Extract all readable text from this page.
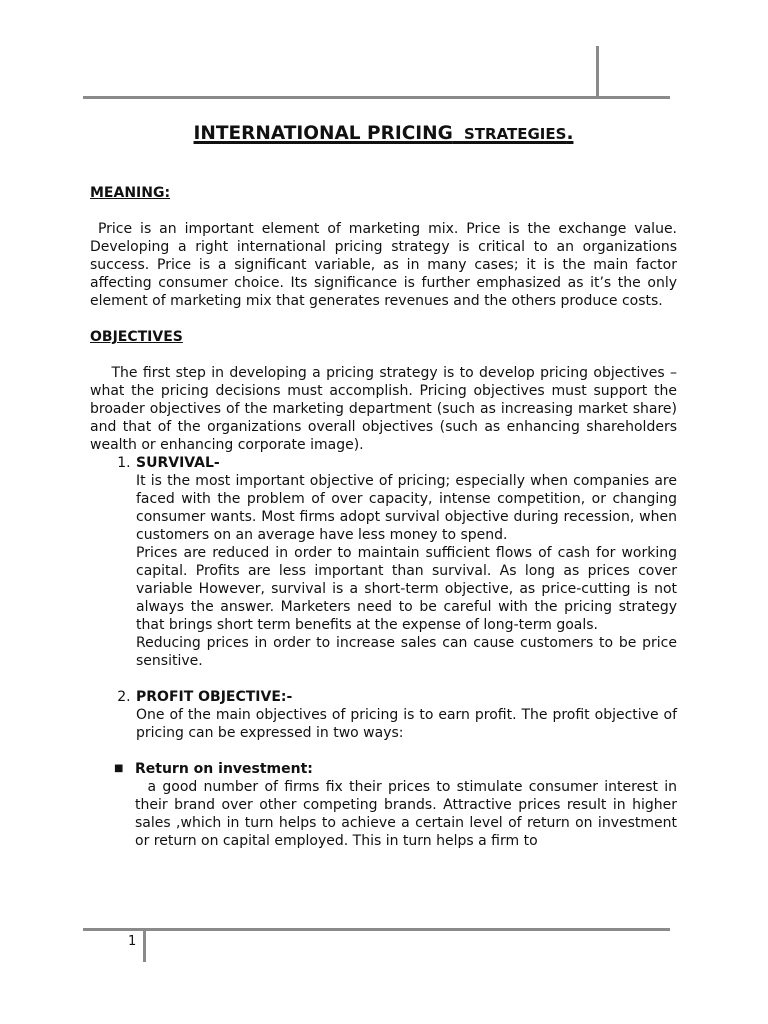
INTERNATIONAL PRICING STRATEGIES.
MEANING:

Price is an important element of marketing mix. Price is the exchange value. Developing a right international pricing strategy is critical to an organizations success. Price is a significant variable, as in many cases; it is the main factor affecting consumer choice. Its significance is further emphasized as it’s the only element of marketing mix that generates revenues and the others produce costs.

OBJECTIVES

The first step in developing a pricing strategy is to develop pricing objectives – what the pricing decisions must accomplish. Pricing objectives must support the broader objectives of the marketing department (such as increasing market share) and that of the organizations overall objectives (such as enhancing shareholders wealth or enhancing corporate image).

1. SURVIVAL-

It is the most important objective of pricing; especially when companies are faced with the problem of over capacity, intense competition, or changing consumer wants. Most firms adopt survival objective during recession, when customers on an average have less money to spend.

Prices are reduced in order to maintain sufficient flows of cash for working capital. Profits are less important than survival. As long as prices cover variable However, survival is a short-term objective, as price-cutting is not always the answer. Marketers need to be careful with the pricing strategy that brings short term benefits at the expense of long-term goals.

Reducing prices in order to increase sales can cause customers to be price sensitive.

2. PROFIT OBJECTIVE:-

One of the main objectives of pricing is to earn profit. The profit objective of pricing can be expressed in two ways:

■ Return on investment:

a good number of firms fix their prices to stimulate consumer interest in their brand over other competing brands. Attractive prices result in higher sales ,which in turn helps to achieve a certain level of return on investment or return on capital employed. This in turn helps a firm to

1
